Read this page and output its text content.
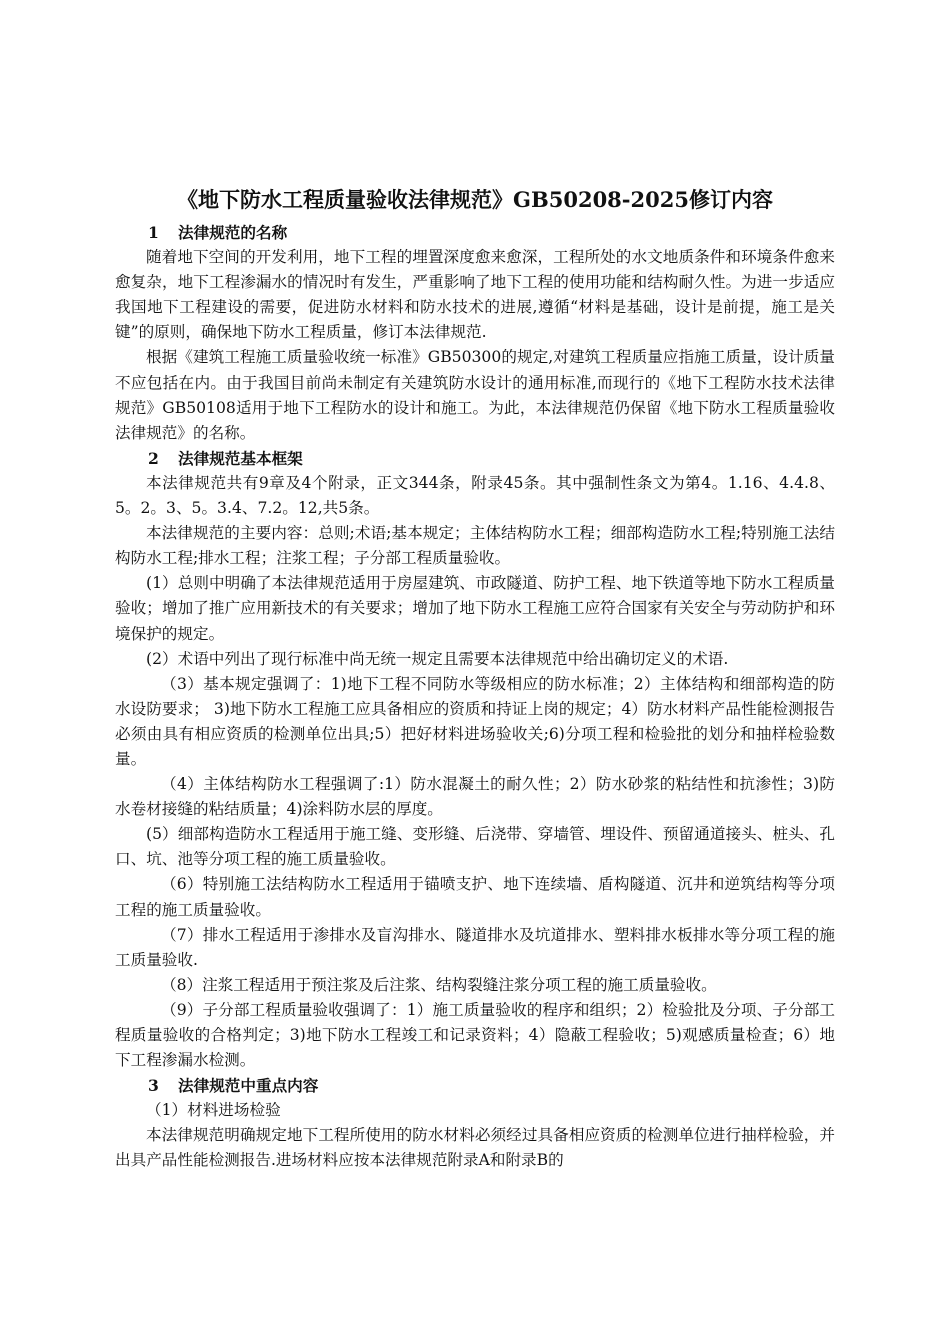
《地下防水工程质量验收法律规范》GB50208-2025修订内容
1 法律规范的名称

随着地下空间的开发利用，地下工程的埋置深度愈来愈深，工程所处的水文地质条件和环境条件愈来愈复杂，地下工程渗漏水的情况时有发生，严重影响了地下工程的使用功能和结构耐久性。为进一步适应我国地下工程建设的需要，促进防水材料和防水技术的进展,遵循“材料是基础，设计是前提，施工是关键”的原则，确保地下防水工程质量，修订本法律规范.

根据《建筑工程施工质量验收统一标准》GB50300的规定,对建筑工程质量应指施工质量，设计质量不应包括在内。由于我国目前尚未制定有关建筑防水设计的通用标准,而现行的《地下工程防水技术法律规范》GB50108适用于地下工程防水的设计和施工。为此，本法律规范仍保留《地下防水工程质量验收法律规范》的名称。

2 法律规范基本框架

本法律规范共有9章及4个附录，正文344条，附录45条。其中强制性条文为第4。1.16、4.4.8、5。2。3、5。3.4、7.2。12,共5条。

本法律规范的主要内容：总则;术语;基本规定；主体结构防水工程；细部构造防水工程;特别施工法结构防水工程;排水工程；注浆工程；子分部工程质量验收。

(1）总则中明确了本法律规范适用于房屋建筑、市政隧道、防护工程、地下铁道等地下防水工程质量验收；增加了推广应用新技术的有关要求；增加了地下防水工程施工应符合国家有关安全与劳动防护和环境保护的规定。

(2）术语中列出了现行标准中尚无统一规定且需要本法律规范中给出确切定义的术语.

（3）基本规定强调了：1)地下工程不同防水等级相应的防水标准；2）主体结构和细部构造的防水设防要求； 3)地下防水工程施工应具备相应的资质和持证上岗的规定；4）防水材料产品性能检测报告必须由具有相应资质的检测单位出具;5）把好材料进场验收关;6)分项工程和检验批的划分和抽样检验数量。

（4）主体结构防水工程强调了:1）防水混凝土的耐久性；2）防水砂浆的粘结性和抗渗性；3)防水卷材接缝的粘结质量；4)涂料防水层的厚度。

(5）细部构造防水工程适用于施工缝、变形缝、后浇带、穿墙管、埋设件、预留通道接头、桩头、孔口、坑、池等分项工程的施工质量验收。

（6）特别施工法结构防水工程适用于锚喷支护、地下连续墙、盾构隧道、沉井和逆筑结构等分项工程的施工质量验收。

（7）排水工程适用于渗排水及盲沟排水、隧道排水及坑道排水、塑料排水板排水等分项工程的施工质量验收.

（8）注浆工程适用于预注浆及后注浆、结构裂缝注浆分项工程的施工质量验收。

（9）子分部工程质量验收强调了：1）施工质量验收的程序和组织；2）检验批及分项、子分部工程质量验收的合格判定；3)地下防水工程竣工和记录资料；4）隐蔽工程验收；5)观感质量检查；6）地下工程渗漏水检测。

3 法律规范中重点内容

（1）材料进场检验

本法律规范明确规定地下工程所使用的防水材料必须经过具备相应资质的检测单位进行抽样检验，并出具产品性能检测报告.进场材料应按本法律规范附录A和附录B的
